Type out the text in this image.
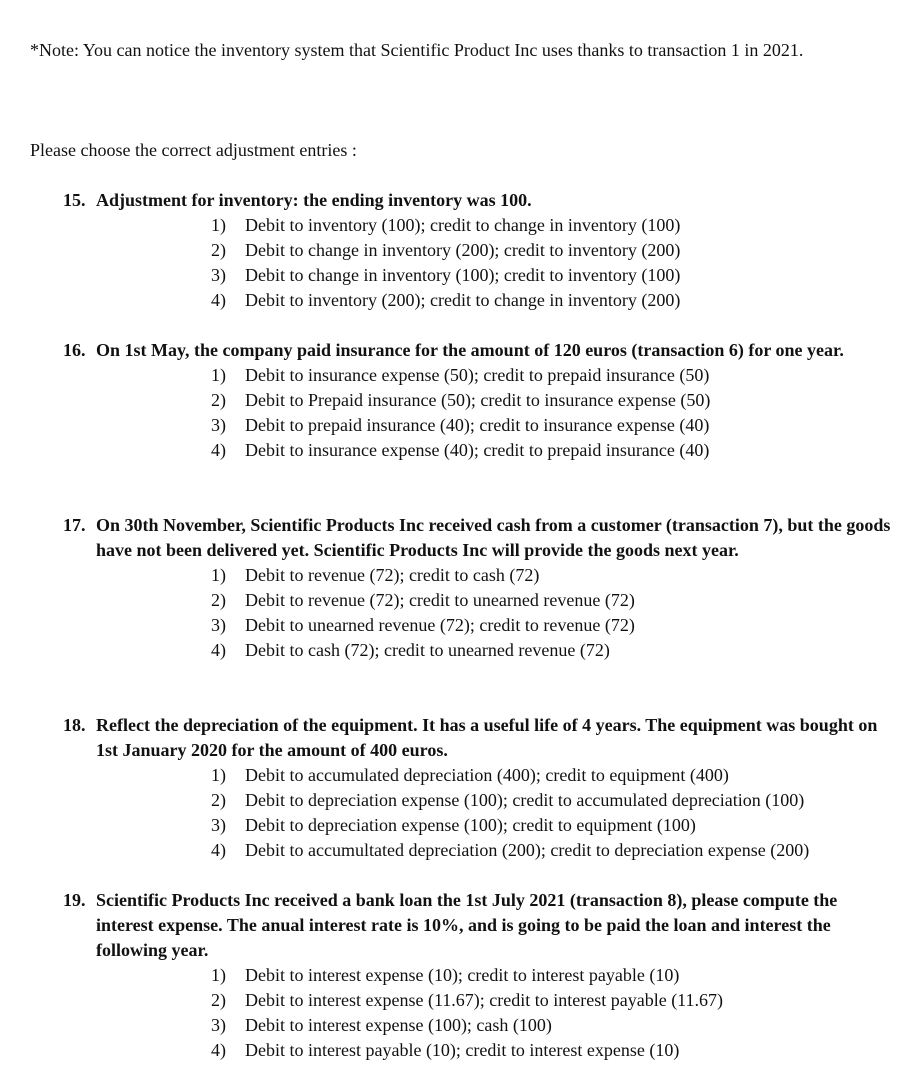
*Note: You can notice the inventory system that Scientific Product Inc uses thanks to transaction 1 in 2021.

Please choose the correct adjustment entries :

15. Adjustment for inventory: the ending inventory was 100.
1)	Debit to inventory (100); credit to change in inventory (100)
2)	Debit to change in inventory (200); credit to inventory (200)
3)	Debit to change in inventory (100); credit to inventory (100)
4)	Debit to inventory (200); credit to change in inventory (200)
16. On 1st May, the company paid insurance for the amount of 120 euros (transaction 6) for one year.
1)	Debit to insurance expense (50); credit to prepaid insurance (50)
2)	Debit to Prepaid insurance (50); credit to insurance expense (50)
3)	Debit to prepaid insurance (40); credit to insurance expense (40)
4)	Debit to insurance expense (40); credit to prepaid insurance (40)
17. On 30th November, Scientific Products Inc received cash from a customer (transaction 7), but the goods have not been delivered yet. Scientific Products Inc will provide the goods next year.
1)	Debit to revenue (72); credit to cash (72)
2)	Debit to revenue (72); credit to unearned revenue (72)
3)	Debit to unearned revenue (72); credit to revenue (72)
4)	Debit to cash (72); credit to unearned revenue (72)
18. Reflect the depreciation of the equipment. It has a useful life of 4 years. The equipment was bought on 1st January 2020 for the amount of 400 euros.
1)	Debit to accumulated depreciation (400); credit to equipment (400)
2)	Debit to depreciation expense (100); credit to accumulated depreciation (100)
3)	Debit to depreciation expense (100); credit to equipment (100)
4)	Debit to accumultated depreciation (200); credit to depreciation expense (200)
19. Scientific Products Inc received a bank loan the 1st July 2021 (transaction 8), please compute the interest expense. The anual interest rate is 10%, and is going to be paid the loan and interest the following year.
1)	Debit to interest expense (10); credit to interest payable (10)
2)	Debit to interest expense (11.67); credit to interest payable (11.67)
3)	Debit to interest expense (100); cash (100)
4)	Debit to interest payable (10); credit to interest expense (10)
